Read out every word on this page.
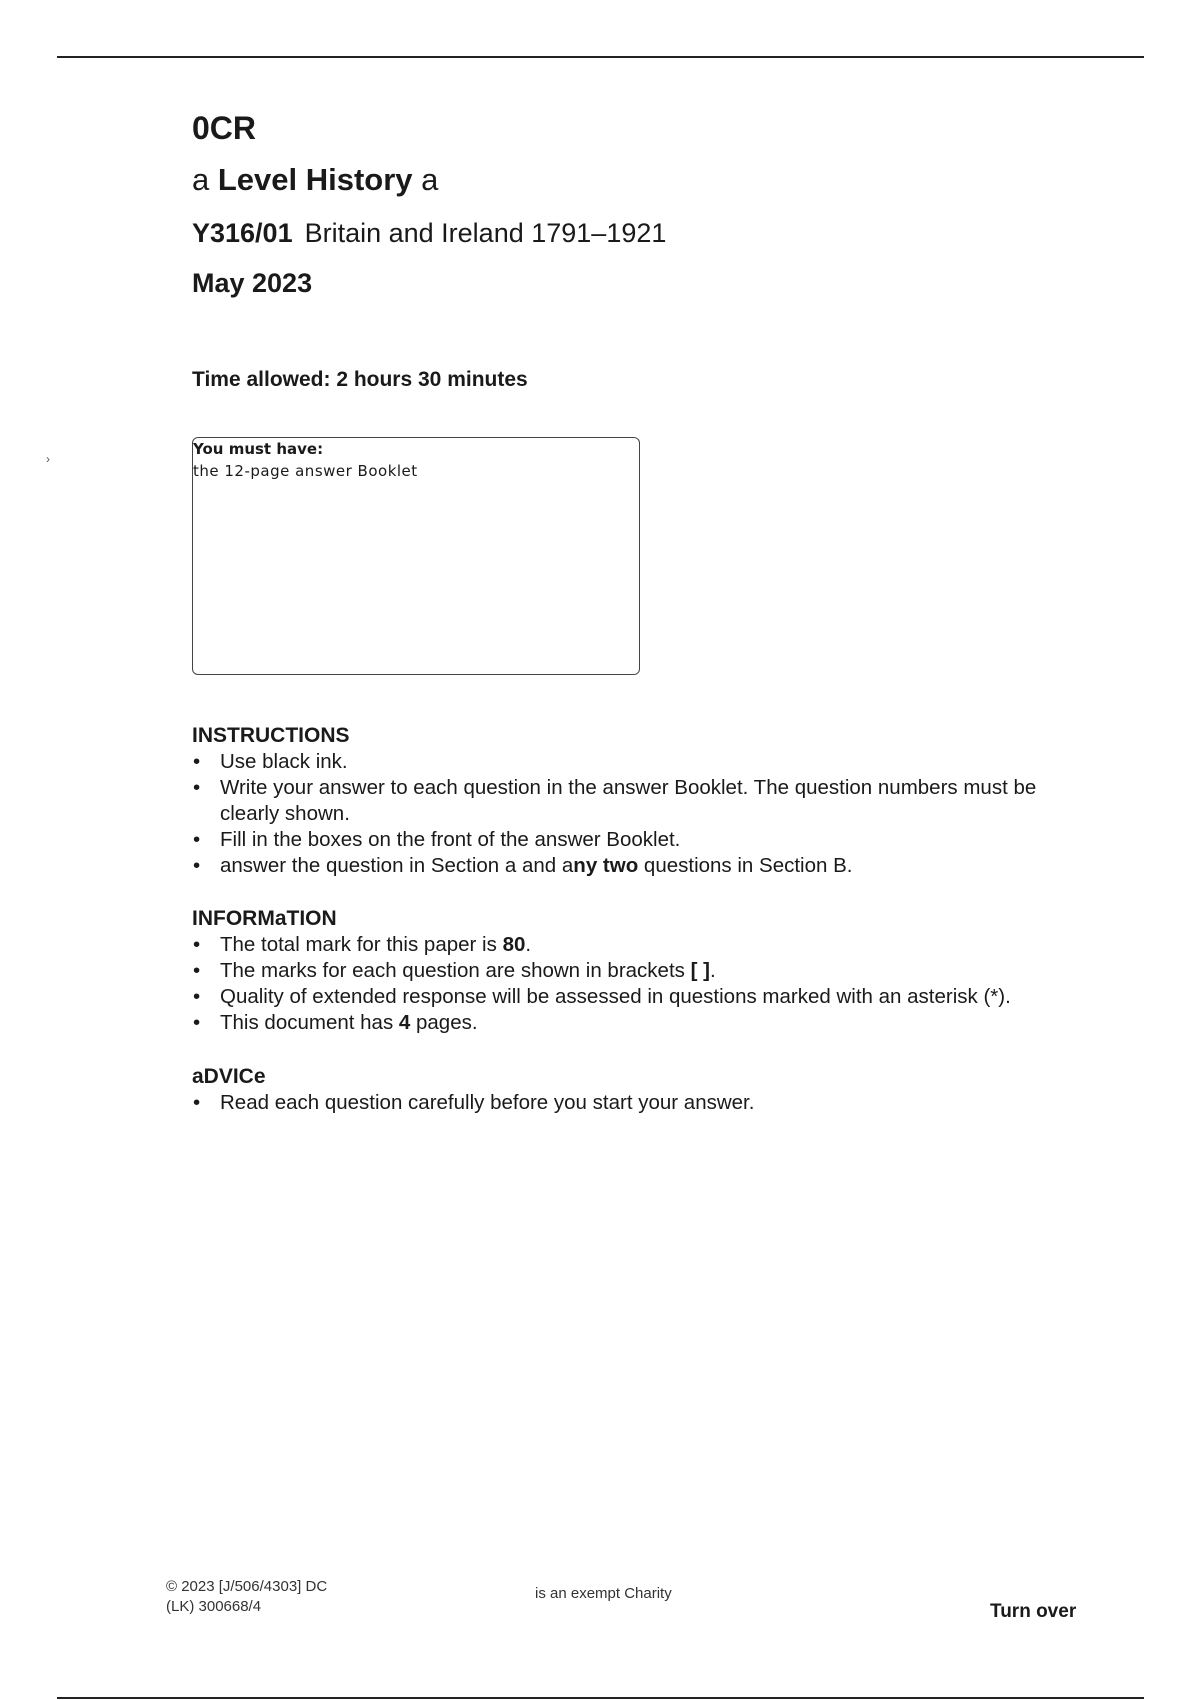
0CR
a Level History a
Y316/01 Britain and Ireland 1791–1921
May 2023
Time allowed: 2 hours 30 minutes
›
You must have:
the 12-page answer Booklet
INSTRUCTIONS
• Use black ink.
• Write your answer to each question in the answer Booklet. The question numbers must be clearly shown.
• Fill in the boxes on the front of the answer Booklet.
• answer the question in Section a and any two questions in Section B.
INFORMaTION
• The total mark for this paper is 80.
• The marks for each question are shown in brackets [ ].
• Quality of extended response will be assessed in questions marked with an asterisk (*).
• This document has 4 pages.
aDVICe
• Read each question carefully before you start your answer.
© 2023 [J/506/4303] DC
(LK) 300668/4
is an exempt Charity
Turn over
